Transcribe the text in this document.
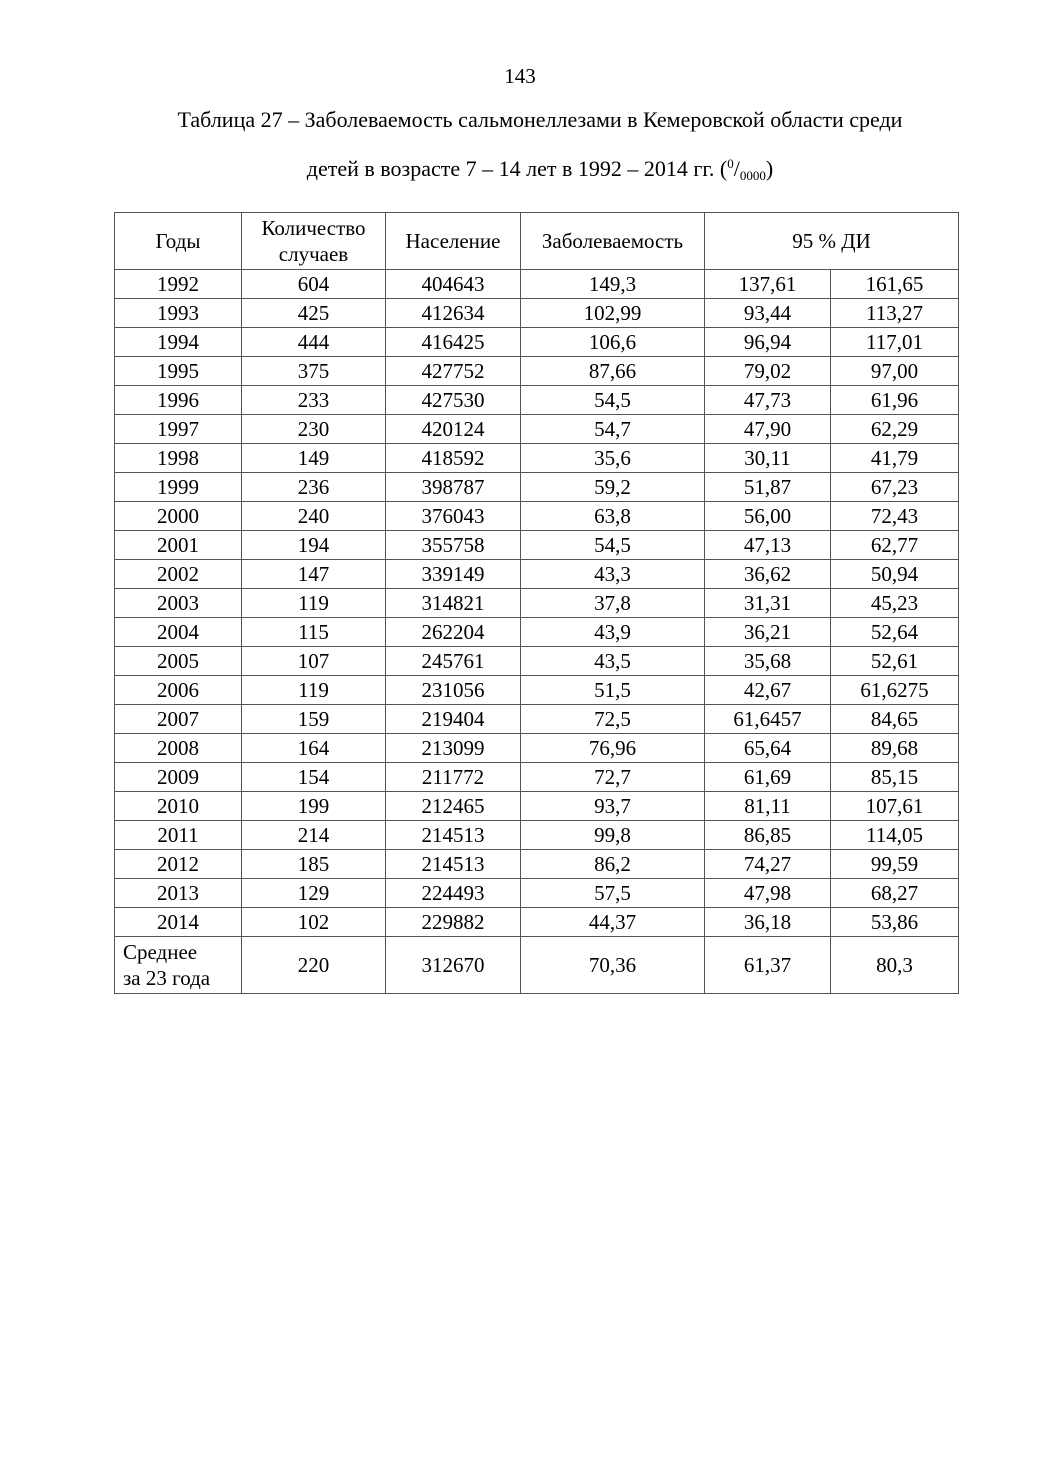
143
Таблица 27 – Заболеваемость сальмонеллезами в Кемеровской области среди
детей в возрасте 7 – 14 лет в 1992 – 2014 гг. $(^0/_{0000})$
Годы	Количество случаев	Население	Заболеваемость	95 % ДИ	
1992	604	404643	149,3	137,61	161,65
1993	425	412634	102,99	93,44	113,27
1994	444	416425	106,6	96,94	117,01
1995	375	427752	87,66	79,02	97,00
1996	233	427530	54,5	47,73	61,96
1997	230	420124	54,7	47,90	62,29
1998	149	418592	35,6	30,11	41,79
1999	236	398787	59,2	51,87	67,23
2000	240	376043	63,8	56,00	72,43
2001	194	355758	54,5	47,13	62,77
2002	147	339149	43,3	36,62	50,94
2003	119	314821	37,8	31,31	45,23
2004	115	262204	43,9	36,21	52,64
2005	107	245761	43,5	35,68	52,61
2006	119	231056	51,5	42,67	61,6275
2007	159	219404	72,5	61,6457	84,65
2008	164	213099	76,96	65,64	89,68
2009	154	211772	72,7	61,69	85,15
2010	199	212465	93,7	81,11	107,61
2011	214	214513	99,8	86,85	114,05
2012	185	214513	86,2	74,27	99,59
2013	129	224493	57,5	47,98	68,27
2014	102	229882	44,37	36,18	53,86
Среднее
за 23 года	220	312670	70,36	61,37	80,3
